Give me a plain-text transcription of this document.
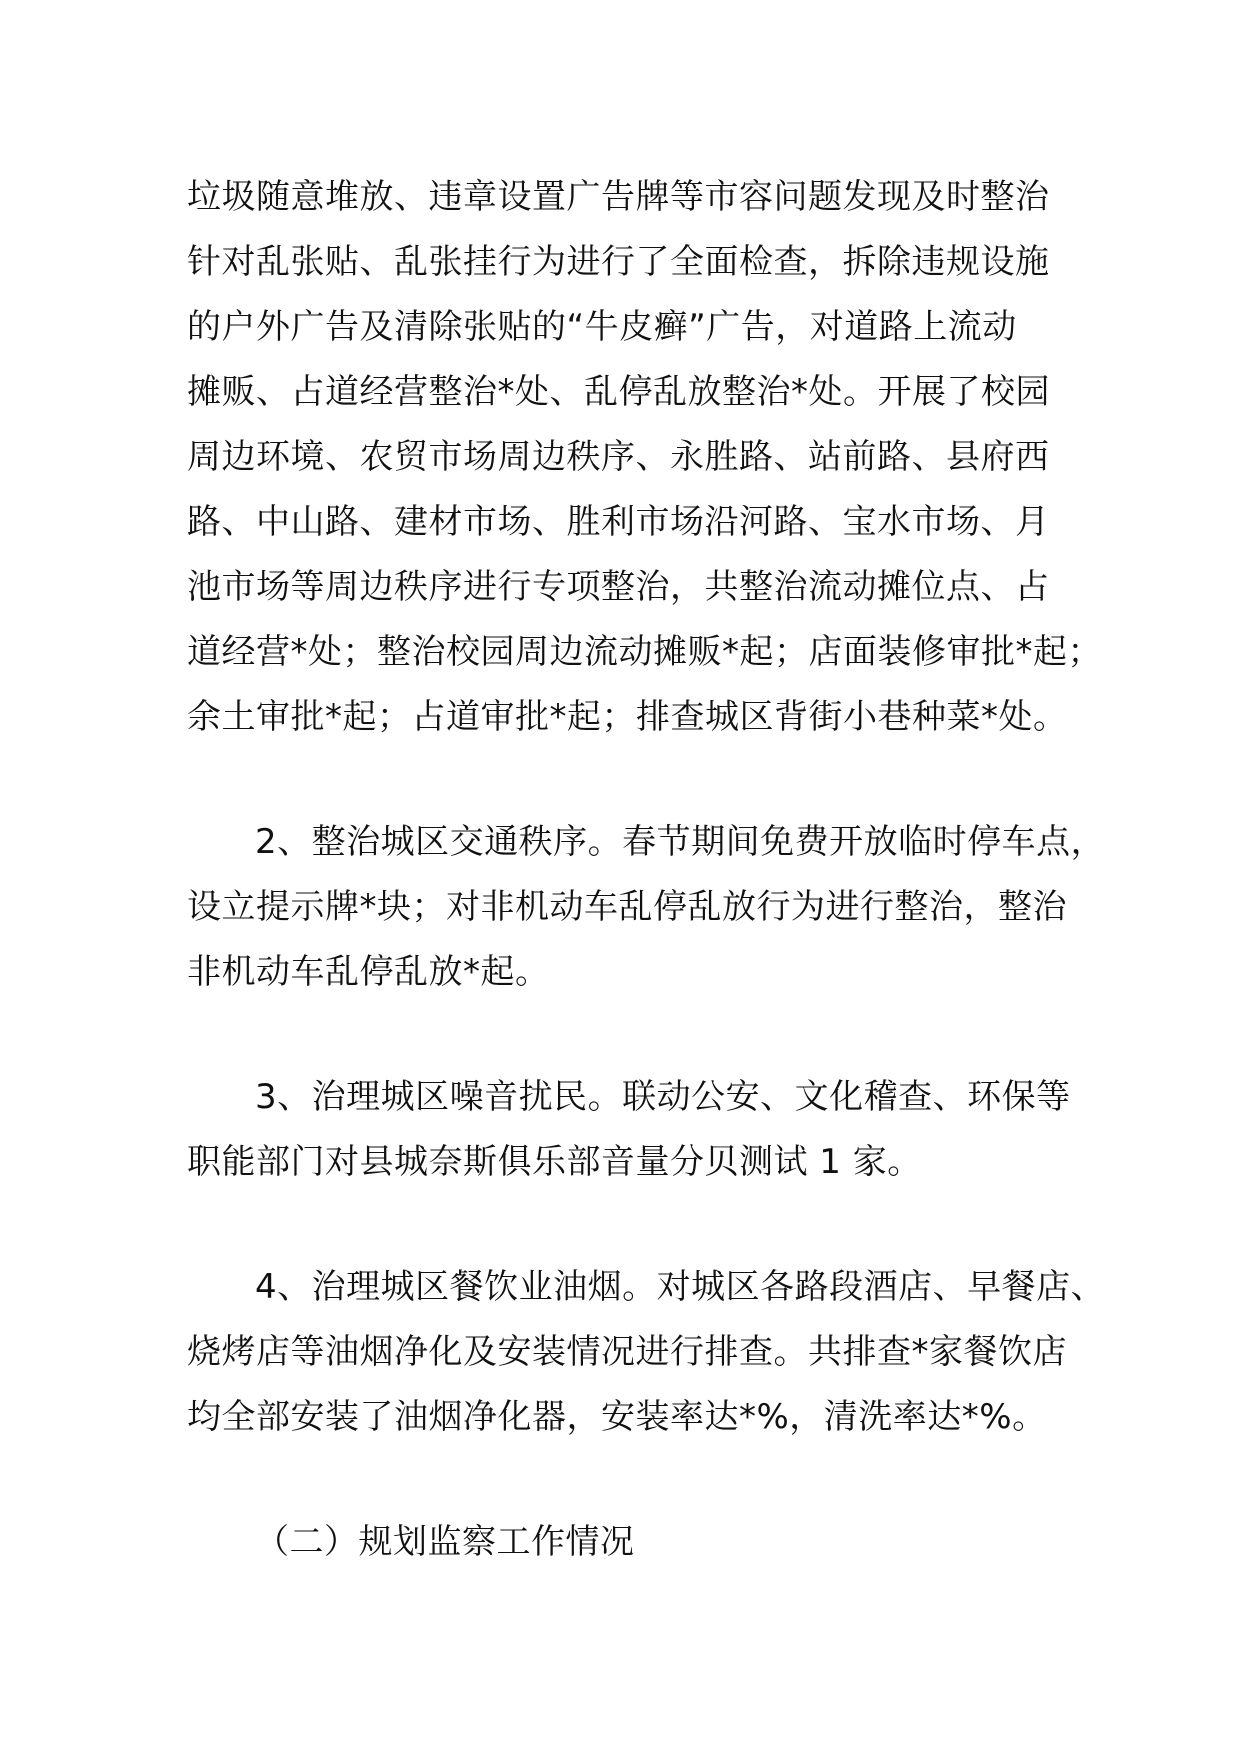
垃圾随意堆放、违章设置广告牌等市容问题发现及时整治
针对乱张贴、乱张挂行为进行了全面检查，拆除违规设施
的户外广告及清除张贴的“牛皮癣”广告，对道路上流动
摊贩、占道经营整治*处、乱停乱放整治*处。开展了校园
周边环境、农贸市场周边秩序、永胜路、站前路、县府西
路、中山路、建材市场、胜利市场沿河路、宝水市场、月
池市场等周边秩序进行专项整治，共整治流动摊位点、占
道经营*处；整治校园周边流动摊贩*起；店面装修审批*起；
余土审批*起；占道审批*起；排查城区背街小巷种菜*处。
2、整治城区交通秩序。春节期间免费开放临时停车点，
设立提示牌*块；对非机动车乱停乱放行为进行整治，整治
非机动车乱停乱放*起。
3、治理城区噪音扰民。联动公安、文化稽查、环保等
职能部门对县城奈斯俱乐部音量分贝测试 1 家。
4、治理城区餐饮业油烟。对城区各路段酒店、早餐店、
烧烤店等油烟净化及安装情况进行排查。共排查*家餐饮店
均全部安装了油烟净化器，安装率达*%，清洗率达*%。
（二）规划监察工作情况
